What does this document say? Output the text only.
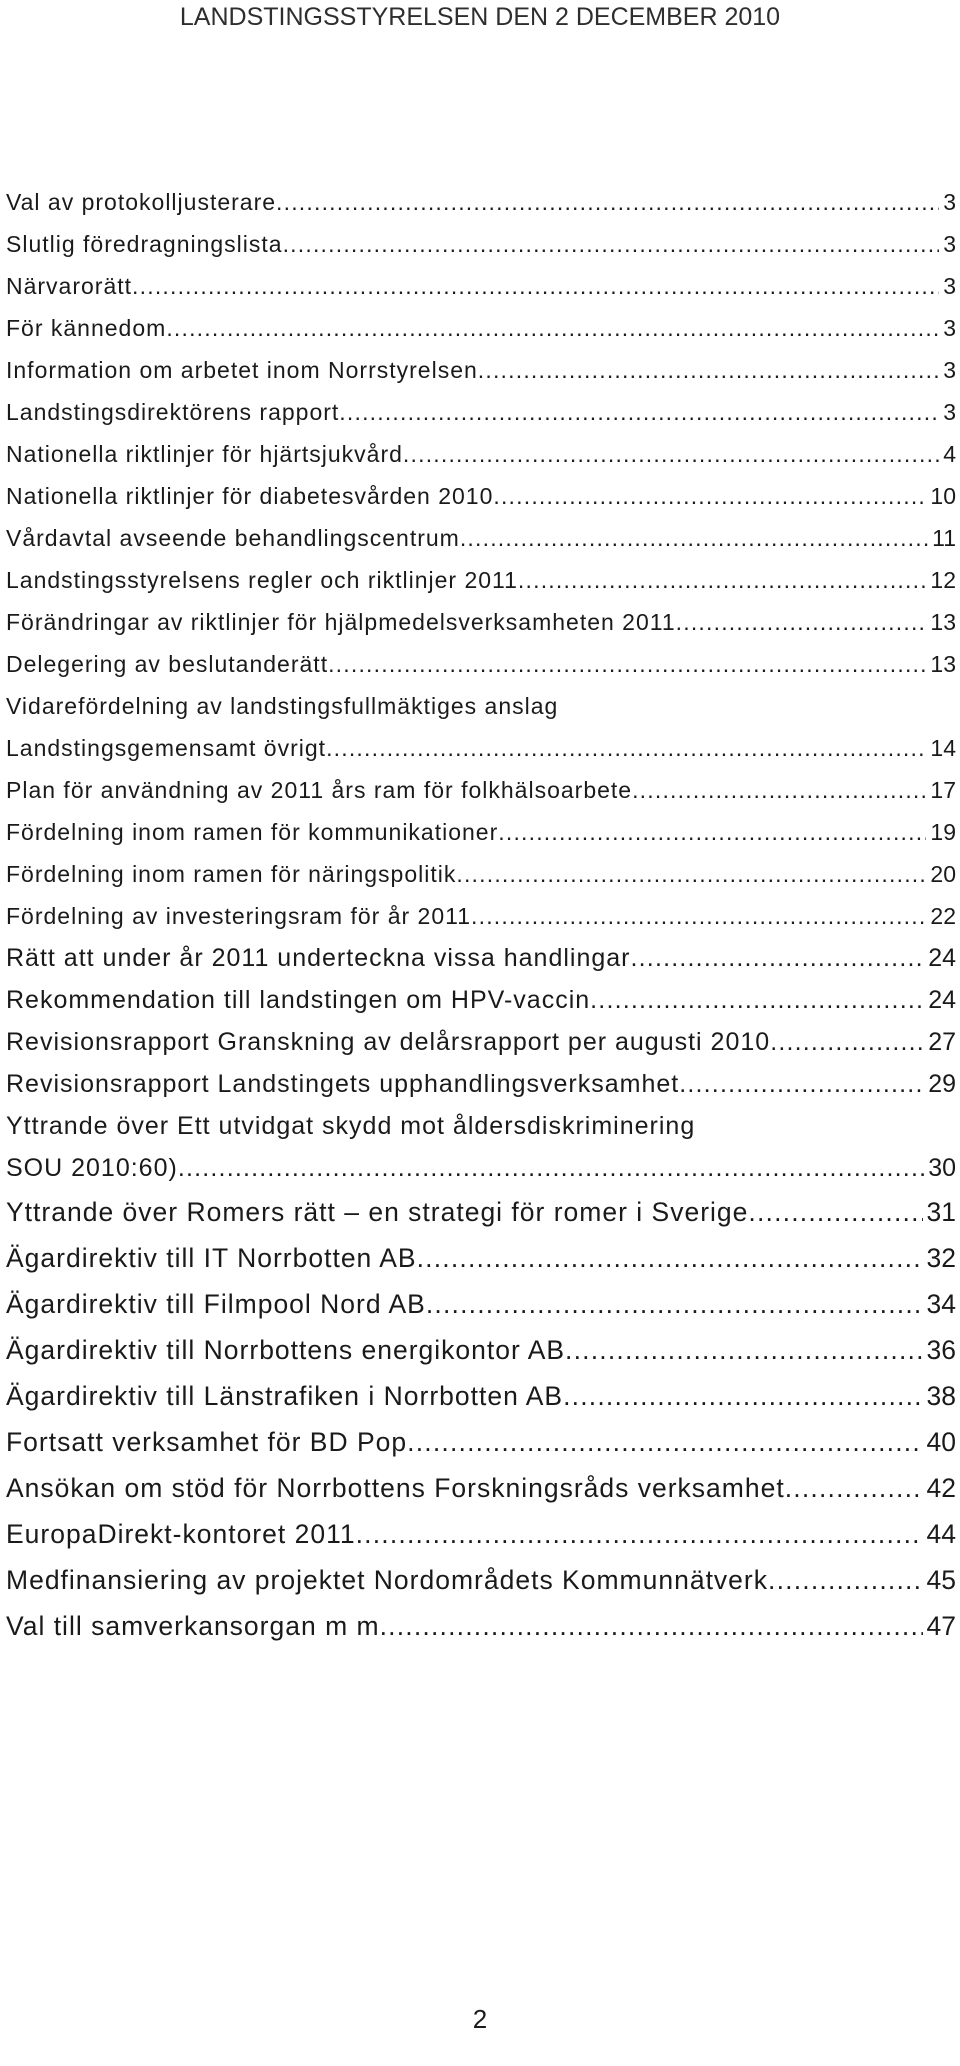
LANDSTINGSSTYRELSEN DEN 2 DECEMBER 2010
Val av protokolljusterare .....	3
Slutlig föredragningslista .....	3
Närvarorätt .....	3
För kännedom .....	3
Information om arbetet inom Norrstyrelsen .....	3
Landstingsdirektörens rapport .....	3
Nationella riktlinjer för hjärtsjukvård .....	4
Nationella riktlinjer för diabetesvården 2010 .....	10
Vårdavtal avseende behandlingscentrum .....	11
Landstingsstyrelsens regler och riktlinjer 2011 .....	12
Förändringar av riktlinjer för hjälpmedelsverksamheten 2011 .....	13
Delegering av beslutanderätt .....	13
Vidarefördelning av landstingsfullmäktiges anslag
Landstingsgemensamt övrigt .....	14
Plan för användning av 2011 års ram för folkhälsoarbete .....	17
Fördelning inom ramen för kommunikationer .....	19
Fördelning inom ramen för näringspolitik .....	20
Fördelning av investeringsram för år 2011 .....	22
Rätt att under år 2011 underteckna vissa handlingar .....	24
Rekommendation till landstingen om HPV-vaccin .....	24
Revisionsrapport Granskning av delårsrapport per augusti 2010 .....	27
Revisionsrapport Landstingets upphandlingsverksamhet .....	29
Yttrande över Ett utvidgat skydd mot åldersdiskriminering
SOU 2010:60) .....	30
Yttrande över Romers rätt – en strategi för romer i Sverige .....	31
Ägardirektiv till IT Norrbotten AB .....	32
Ägardirektiv till Filmpool Nord AB .....	34
Ägardirektiv till Norrbottens energikontor AB .....	36
Ägardirektiv till Länstrafiken i Norrbotten AB .....	38
Fortsatt verksamhet för BD Pop .....	40
Ansökan om stöd för Norrbottens Forskningsråds verksamhet .....	42
EuropaDirekt-kontoret 2011 .....	44
Medfinansiering av projektet Nordområdets Kommunnätverk .....	45
Val till samverkansorgan m m .....	47
2
